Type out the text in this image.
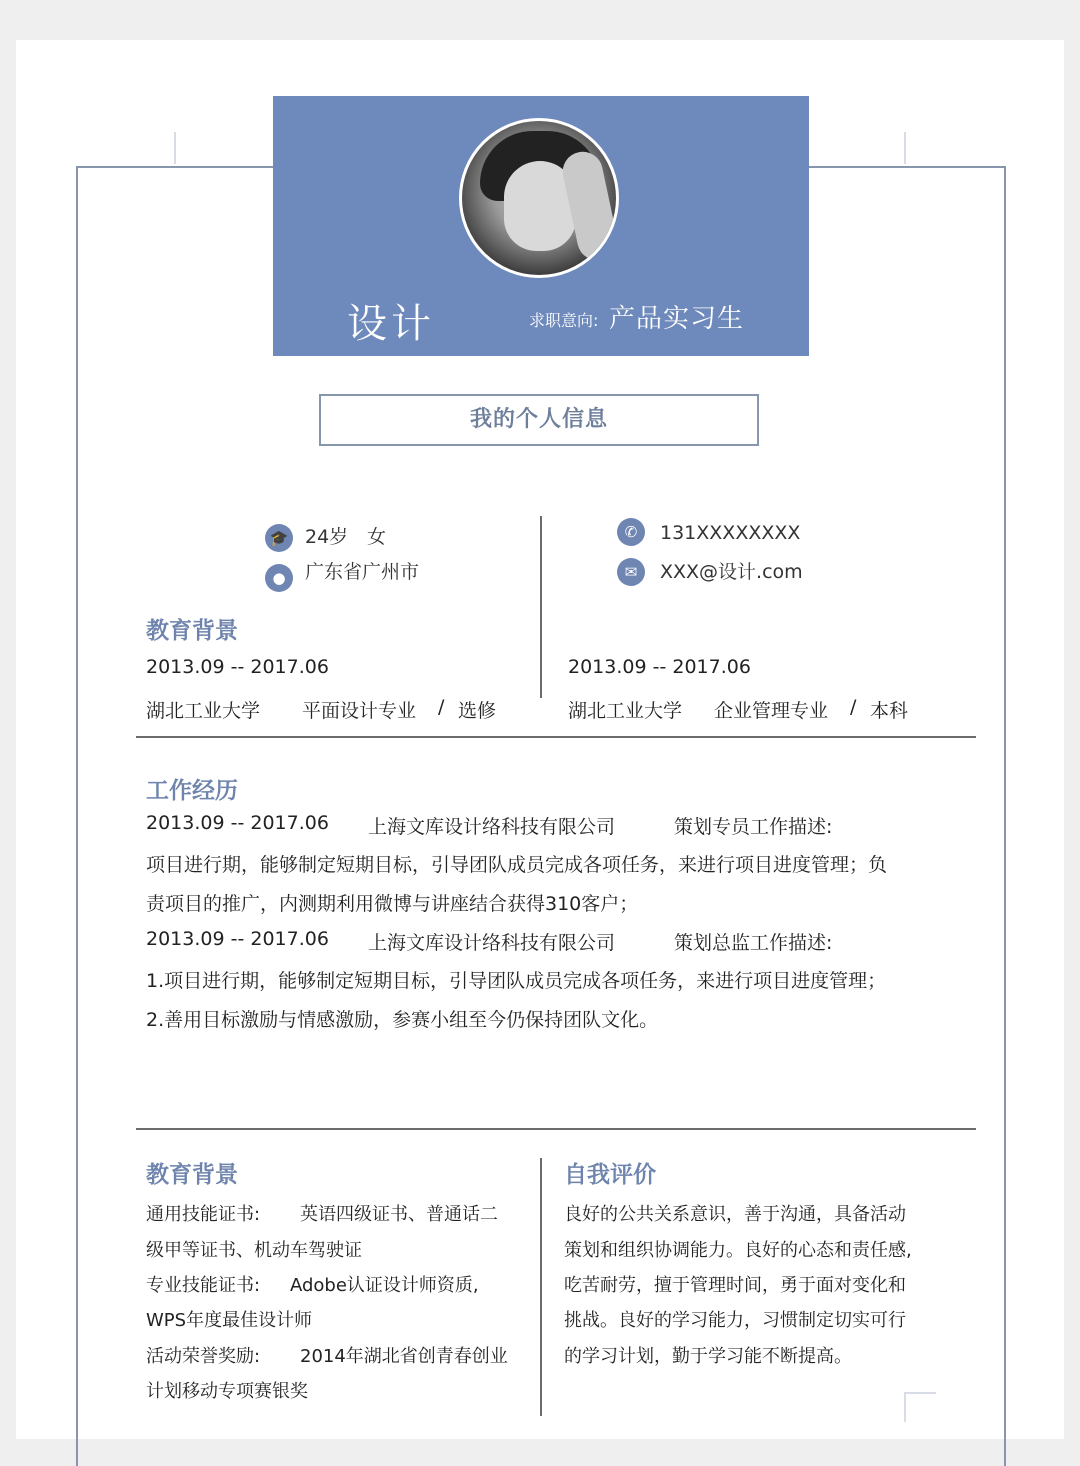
设计	求职意向: 产品实习生
我的个人信息
🎓 24岁 女
●	广东省广州市
✆	131XXXXXXXX
✉	XXX@设计.com
教育背景
2013.09 -- 2017.06
湖北工业大学 平面设计专业 / 选修
2013.09 -- 2017.06
湖北工业大学 企业管理专业 / 本科
工作经历
2013.09 -- 2017.06 上海文库设计络科技有限公司	策划专员工作描述:
项目进行期，能够制定短期目标，引导团队成员完成各项任务，来进行项目进度管理；负
责项目的推广，内测期利用微博与讲座结合获得310客户；
2013.09 -- 2017.06 上海文库设计络科技有限公司	策划总监工作描述:
1.项目进行期，能够制定短期目标，引导团队成员完成各项任务，来进行项目进度管理；
2.善用目标激励与情感激励，参赛小组至今仍保持团队文化。
教育背景
通用技能证书: 英语四级证书、普通话二
级甲等证书、机动车驾驶证
专业技能证书: Adobe认证设计师资质,
WPS年度最佳设计师
活动荣誉奖励: 2014年湖北省创青春创业
计划移动专项赛银奖
自我评价
良好的公共关系意识，善于沟通，具备活动
策划和组织协调能力。良好的心态和责任感,
吃苦耐劳，擅于管理时间，勇于面对变化和
挑战。良好的学习能力，习惯制定切实可行
的学习计划，勤于学习能不断提高。
